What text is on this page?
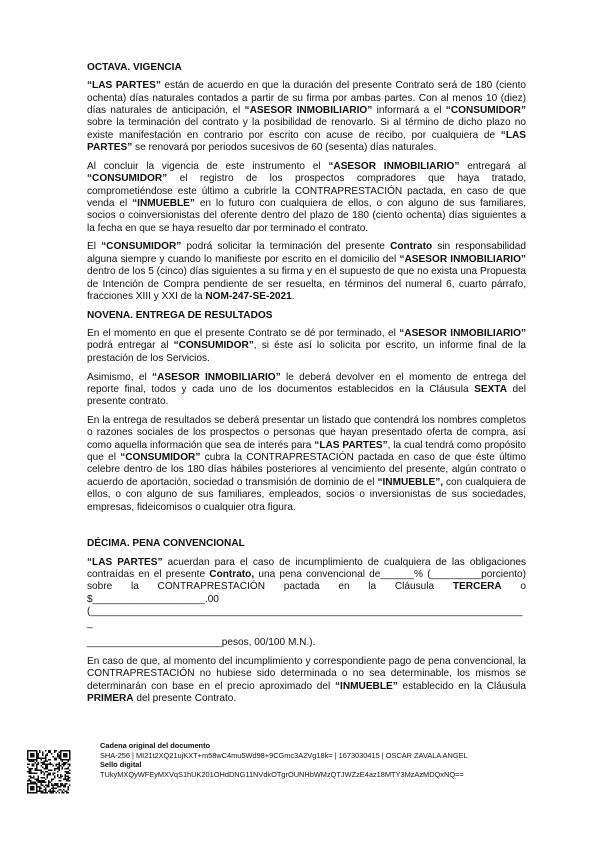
OCTAVA. VIGENCIA

“LAS PARTES” están de acuerdo en que la duración del presente Contrato será de 180 (ciento ochenta) días naturales contados a partir de su firma por ambas partes. Con al menos 10 (diez) días naturales de anticipación, el “ASESOR INMOBILIARIO” informará a el “CONSUMIDOR” sobre la terminación del contrato y la posibilidad de renovarlo. Si al término de dicho plazo no existe manifestación en contrario por escrito con acuse de recibo, por cualquiera de “LAS PARTES” se renovará por periodos sucesivos de 60 (sesenta) días naturales.

Al concluir la vigencia de este instrumento el “ASESOR INMOBILIARIO” entregará al “CONSUMIDOR” el registro de los prospectos compradores que haya tratado, comprometiéndose este último a cubrirle la CONTRAPRESTACIÓN pactada, en caso de que venda el “INMUEBLE” en lo futuro con cualquiera de ellos, o con alguno de sus familiares, socios o coinversionistas del oferente dentro del plazo de 180 (ciento ochenta) días siguientes a la fecha en que se haya resuelto dar por terminado el contrato.

El “CONSUMIDOR” podrá solicitar la terminación del presente Contrato sin responsabilidad alguna siempre y cuando lo manifieste por escrito en el domicilio del “ASESOR INMOBILIARIO” dentro de los 5 (cinco) días siguientes a su firma y en el supuesto de que no exista una Propuesta de Intención de Compra pendiente de ser resuelta, en términos del numeral 6, cuarto párrafo, fracciones XIII y XXI de la NOM-247-SE-2021.

NOVENA. ENTREGA DE RESULTADOS

En el momento en que el presente Contrato se dé por terminado, el “ASESOR INMOBILIARIO” podrá entregar al “CONSUMIDOR”, si éste así lo solicita por escrito, un informe final de la prestación de los Servicios.

Asimismo, el “ASESOR INMOBILIARIO” le deberá devolver en el momento de entrega del reporte final, todos y cada uno de los documentos establecidos en la Cláusula SEXTA del presente contrato.

En la entrega de resultados se deberá presentar un listado que contendrá los nombres completos o razones sociales de los prospectos o personas que hayan presentado oferta de compra, así como aquella información que sea de interés para “LAS PARTES”, la cual tendrá como propósito que el “CONSUMIDOR” cubra la CONTRAPRESTACIÓN pactada en caso de que éste último celebre dentro de los 180 días hábiles posteriores al vencimiento del presente, algún contrato o acuerdo de aportación, sociedad o transmisión de dominio de el “INMUEBLE”, con cualquiera de ellos, o con alguno de sus familiares, empleados, socios o inversionistas de sus sociedades, empresas, fideicomisos o cualquier otra figura.

DÉCIMA. PENA CONVENCIONAL

“LAS PARTES” acuerdan para el caso de incumplimiento de cualquiera de las obligaciones contraídas en el presente Contrato, una pena convencional de______% (_________porciento) sobre la CONTRAPRESTACIÓN pactada en la Cláusula TERCERA o $____________________.00 (______________________________________________________________________________

________________________pesos, 00/100 M.N.).

En caso de que, al momento del incumplimiento y correspondiente pago de pena convencional, la CONTRAPRESTACIÓN no hubiese sido determinada o no sea determinable, los mismos se determinarán con base en el precio aproximado del “INMUEBLE” establecido en la Cláusula PRIMERA del presente Contrato.

Cadena original del documento
SHA-256 | MI21t2XQ21ujKXT+m58wC4mu5Wd98+9CGmc3A2Vg18k= | 1673030415 | OSCAR ZAVALA ANGEL
Sello digital
TUkyMXQyWFEyMXVqS1hUK201OHdDNG11NVdkOTgrOUNHbWMzQTJWZzE4az18MTY3MzAzMDQxNQ==
